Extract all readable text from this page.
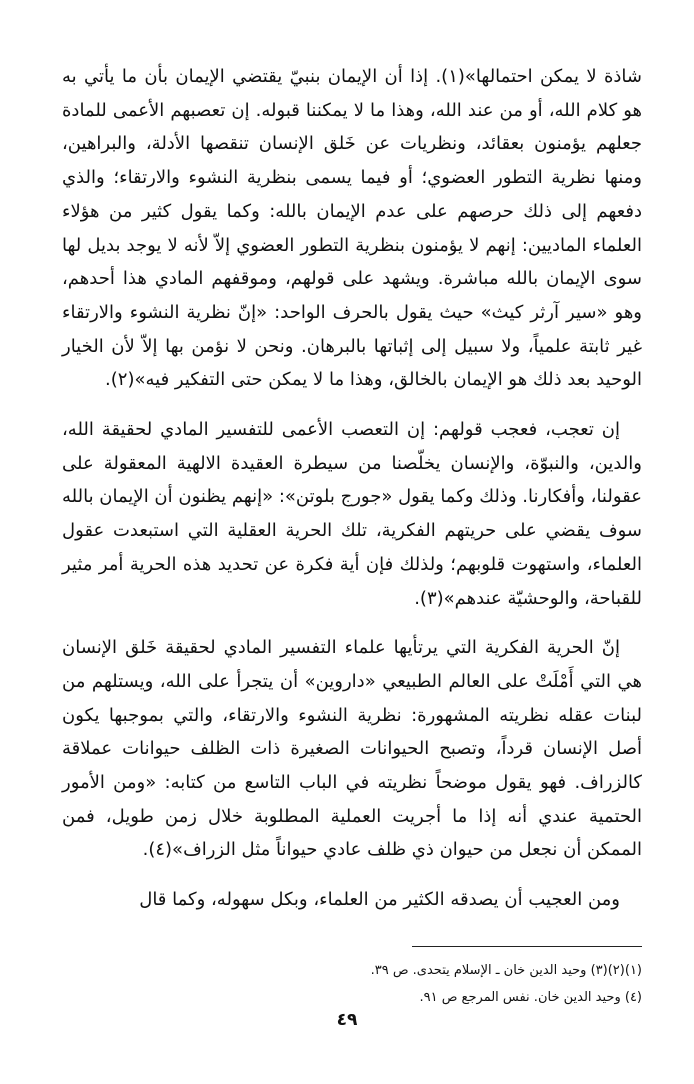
شاذة لا يمكن احتمالها»(١). إذا أن الإيمان بنبيّ يقتضي الإيمان بأن ما يأتي به هو كلام الله، أو من عند الله، وهذا ما لا يمكننا قبوله. إن تعصبهم الأعمى للمادة جعلهم يؤمنون بعقائد، ونظريات عن خَلق الإنسان تنقصها الأدلة، والبراهين، ومنها نظرية التطور العضوي؛ أو فيما يسمى بنظرية النشوء والارتقاء؛ والذي دفعهم إلى ذلك حرصهم على عدم الإيمان بالله: وكما يقول كثير من هؤلاء العلماء الماديين: إنهم لا يؤمنون بنظرية التطور العضوي إلاّ لأنه لا يوجد بديل لها سوى الإيمان بالله مباشرة. ويشهد على قولهم، وموقفهم المادي هذا أحدهم، وهو «سير آرثر كيث» حيث يقول بالحرف الواحد: «إنّ نظرية النشوء والارتقاء غير ثابتة علمياً، ولا سبيل إلى إثباتها بالبرهان. ونحن لا نؤمن بها إلاّ لأن الخيار الوحيد بعد ذلك هو الإيمان بالخالق، وهذا ما لا يمكن حتى التفكير فيه»(٢).

إن تعجب، فعجب قولهم: إن التعصب الأعمى للتفسير المادي لحقيقة الله، والدين، والنبوّة، والإنسان يخلّصنا من سيطرة العقيدة الالهية المعقولة على عقولنا، وأفكارنا. وذلك وكما يقول «جورج بلوتن»: «إنهم يظنون أن الإيمان بالله سوف يقضي على حريتهم الفكرية، تلك الحرية العقلية التي استبعدت عقول العلماء، واستهوت قلوبهم؛ ولذلك فإن أية فكرة عن تحديد هذه الحرية أمر مثير للقباحة، والوحشيّة عندهم»(٣).

إنّ الحرية الفكرية التي يرتأيها علماء التفسير المادي لحقيقة خَلق الإنسان هي التي أَمْلَتْ على العالم الطبيعي «داروين» أن يتجرأ على الله، ويستلهم من لبنات عقله نظريته المشهورة: نظرية النشوء والارتقاء، والتي بموجبها يكون أصل الإنسان قرداً، وتصبح الحيوانات الصغيرة ذات الظلف حيوانات عملاقة كالزراف. فهو يقول موضحاً نظريته في الباب التاسع من كتابه: «ومن الأمور الحتمية عندي أنه إذا ما أجريت العملية المطلوبة خلال زمن طويل، فمن الممكن أن نجعل من حيوان ذي ظلف عادي حيواناً مثل الزراف»(٤).

ومن العجيب أن يصدقه الكثير من العلماء، وبكل سهوله، وكما قال

(١)(٢)(٣) وحيد الدين خان ـ الإسلام يتحدى. ص ٣٩.

(٤) وحيد الدين خان. نفس المرجع ص ٩١.

٤٩
